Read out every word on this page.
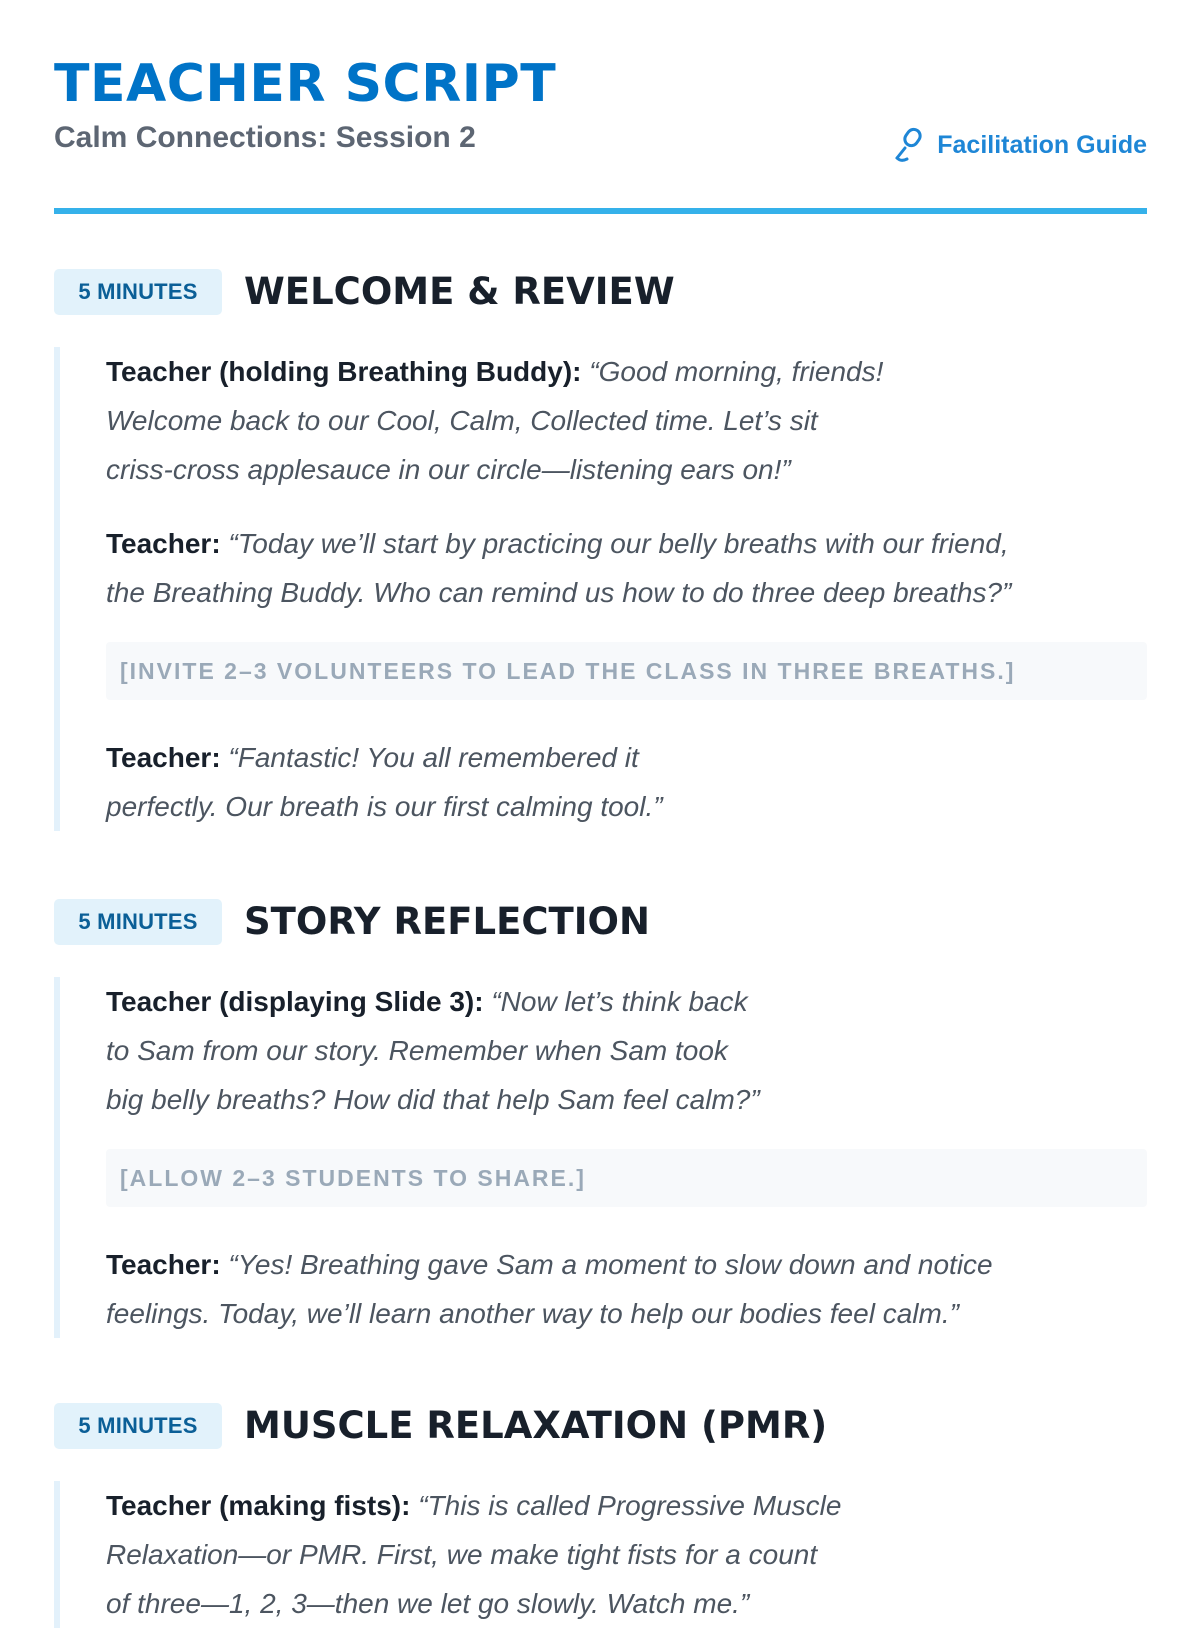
TEACHER SCRIPT
Calm Connections: Session 2	Facilitation Guide
5 MINUTES	WELCOME & REVIEW

Teacher (holding Breathing Buddy): “Good morning, friends!
Welcome back to our Cool, Calm, Collected time. Let’s sit
criss-cross applesauce in our circle—listening ears on!”

Teacher: “Today we’ll start by practicing our belly breaths with our friend,
the Breathing Buddy. Who can remind us how to do three deep breaths?”

[INVITE 2–3 VOLUNTEERS TO LEAD THE CLASS IN THREE BREATHS.]

Teacher: “Fantastic! You all remembered it
perfectly. Our breath is our first calming tool.”

5 MINUTES	STORY REFLECTION

Teacher (displaying Slide 3): “Now let’s think back
to Sam from our story. Remember when Sam took
big belly breaths? How did that help Sam feel calm?”

[ALLOW 2–3 STUDENTS TO SHARE.]

Teacher: “Yes! Breathing gave Sam a moment to slow down and notice
feelings. Today, we’ll learn another way to help our bodies feel calm.”

5 MINUTES	MUSCLE RELAXATION (PMR)

Teacher (making fists): “This is called Progressive Muscle
Relaxation—or PMR. First, we make tight fists for a count
of three—1, 2, 3—then we let go slowly. Watch me.”
